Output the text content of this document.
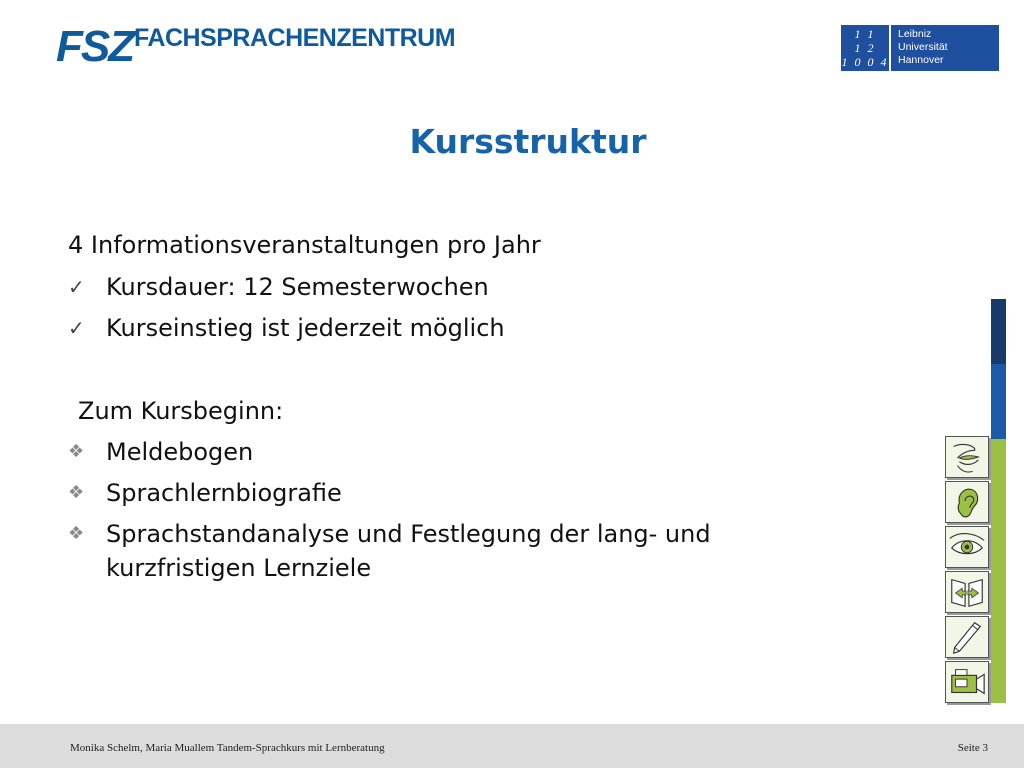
FSZ FACHSPRACHENZENTRUM	1 1
1 2
1 0 0 4
Leibniz
Universität
Hannover
Kursstruktur
4 Informationsveranstaltungen pro Jahr
✓ Kursdauer: 12 Semesterwochen
✓ Kurseinstieg ist jederzeit möglich
Zum Kursbeginn:
❖ Meldebogen
❖ Sprachlernbiografie
❖ Sprachstandanalyse und Festlegung der lang- und
kurzfristigen Lernziele
Monika Schelm, Maria Muallem Tandem-Sprachkurs mit Lernberatung	Seite 3
